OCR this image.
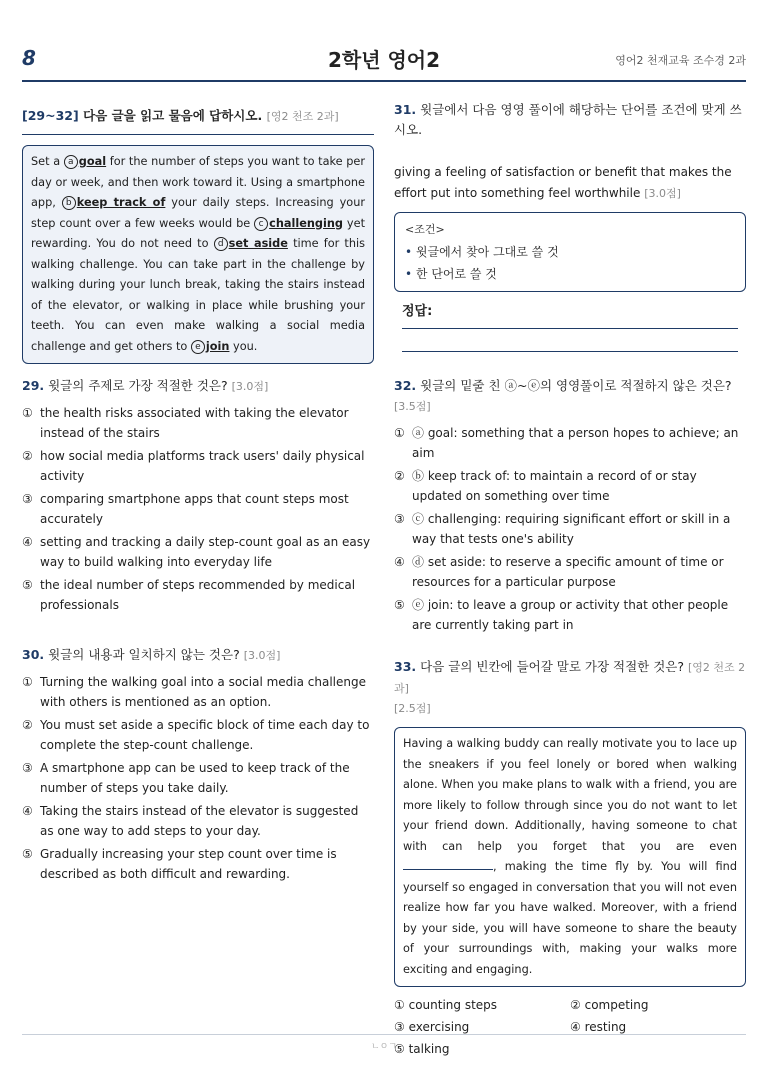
8	2학년 영어2	영어2 천재교육 조수경 2과
[29~32] 다음 글을 읽고 물음에 답하시오. [영2 천조 2과]
Set a a goal for the number of steps you want to take per day or week, and then work toward it. Using a smartphone app, b keep track of your daily steps. Increasing your step count over a few weeks would be c challenging yet rewarding. You do not need to d set aside time for this walking challenge. You can take part in the challenge by walking during your lunch break, taking the stairs instead of the elevator, or walking in place while brushing your teeth. You can even make walking a social media challenge and get others to e join you.
29. 윗글의 주제로 가장 적절한 것은? [3.0점]
① the health risks associated with taking the elevator instead of the stairs
② how social media platforms track users' daily physical activity
③ comparing smartphone apps that count steps most accurately
④ setting and tracking a daily step-count goal as an easy way to build walking into everyday life
⑤ the ideal number of steps recommended by medical professionals
30. 윗글의 내용과 일치하지 않는 것은? [3.0점]
① Turning the walking goal into a social media challenge with others is mentioned as an option.
② You must set aside a specific block of time each day to complete the step-count challenge.
③ A smartphone app can be used to keep track of the number of steps you take daily.
④ Taking the stairs instead of the elevator is suggested as one way to add steps to your day.
⑤ Gradually increasing your step count over time is described as both difficult and rewarding.
31. 윗글에서 다음 영영 풀이에 해당하는 단어를 조건에 맞게 쓰시오.
giving a feeling of satisfaction or benefit that makes the effort put into something feel worthwhile [3.0점]
<조건>
• 윗글에서 찾아 그대로 쓸 것
• 한 단어로 쓸 것
정답:
32. 윗글의 밑줄 친 ⓐ~ⓔ의 영영풀이로 적절하지 않은 것은? [3.5점]
① ⓐ goal: something that a person hopes to achieve; an aim
② ⓑ keep track of: to maintain a record of or stay updated on something over time
③ ⓒ challenging: requiring significant effort or skill in a way that tests one's ability
④ ⓓ set aside: to reserve a specific amount of time or resources for a particular purpose
⑤ ⓔ join: to leave a group or activity that other people are currently taking part in
33. 다음 글의 빈칸에 들어갈 말로 가장 적절한 것은? [영2 천조 2과]
[2.5점]
Having a walking buddy can really motivate you to lace up the sneakers if you feel lonely or bored when walking alone. When you make plans to walk with a friend, you are more likely to follow through since you do not want to let your friend down. Additionally, having someone to chat with can help you forget that you are even , making the time fly by. You will find yourself so engaged in conversation that you will not even realize how far you have walked. Moreover, with a friend by your side, you will have someone to share the beauty of your surroundings with, making your walks more exciting and engaging.
① counting steps	② competing
③ exercising	④ resting
⑤ talking
ㄴㅇㄱ
